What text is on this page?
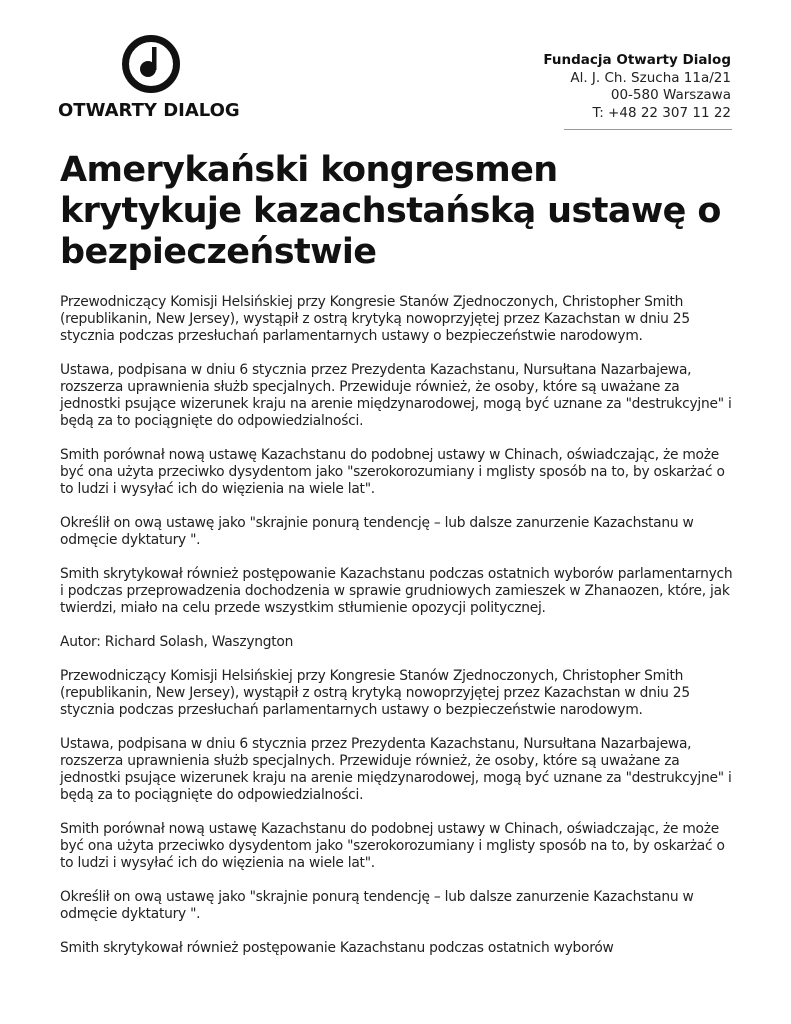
OTWARTY DIALOG
Fundacja Otwarty Dialog
Al. J. Ch. Szucha 11a/21
00-580 Warszawa
T: +48 22 307 11 22
Amerykański kongresmen krytykuje kazachstańską ustawę o bezpieczeństwie

Przewodniczący Komisji Helsińskiej przy Kongresie Stanów Zjednoczonych, Christopher Smith (republikanin, New Jersey), wystąpił z ostrą krytyką nowoprzyjętej przez Kazachstan w dniu 25 stycznia podczas przesłuchań parlamentarnych ustawy o bezpieczeństwie narodowym.

Ustawa, podpisana w dniu 6 stycznia przez Prezydenta Kazachstanu, Nursułtana Nazarbajewa, rozszerza uprawnienia służb specjalnych. Przewiduje również, że osoby, które są uważane za jednostki psujące wizerunek kraju na arenie międzynarodowej, mogą być uznane za "destrukcyjne" i będą za to pociągnięte do odpowiedzialności.

Smith porównał nową ustawę Kazachstanu do podobnej ustawy w Chinach, oświadczając, że może być ona użyta przeciwko dysydentom jako "szerokorozumiany i mglisty sposób na to, by oskarżać o to ludzi i wysyłać ich do więzienia na wiele lat".

Określił on ową ustawę jako "skrajnie ponurą tendencję – lub dalsze zanurzenie Kazachstanu w odmęcie dyktatury ".

Smith skrytykował również postępowanie Kazachstanu podczas ostatnich wyborów parlamentarnych i podczas przeprowadzenia dochodzenia w sprawie grudniowych zamieszek w Zhanaozen, które, jak twierdzi, miało na celu przede wszystkim stłumienie opozycji politycznej.

Autor: Richard Solash, Waszyngton

Przewodniczący Komisji Helsińskiej przy Kongresie Stanów Zjednoczonych, Christopher Smith (republikanin, New Jersey), wystąpił z ostrą krytyką nowoprzyjętej przez Kazachstan w dniu 25 stycznia podczas przesłuchań parlamentarnych ustawy o bezpieczeństwie narodowym.

Ustawa, podpisana w dniu 6 stycznia przez Prezydenta Kazachstanu, Nursułtana Nazarbajewa, rozszerza uprawnienia służb specjalnych. Przewiduje również, że osoby, które są uważane za jednostki psujące wizerunek kraju na arenie międzynarodowej, mogą być uznane za "destrukcyjne" i będą za to pociągnięte do odpowiedzialności.

Smith porównał nową ustawę Kazachstanu do podobnej ustawy w Chinach, oświadczając, że może być ona użyta przeciwko dysydentom jako "szerokorozumiany i mglisty sposób na to, by oskarżać o to ludzi i wysyłać ich do więzienia na wiele lat".

Określił on ową ustawę jako "skrajnie ponurą tendencję – lub dalsze zanurzenie Kazachstanu w odmęcie dyktatury ".

Smith skrytykował również postępowanie Kazachstanu podczas ostatnich wyborów
